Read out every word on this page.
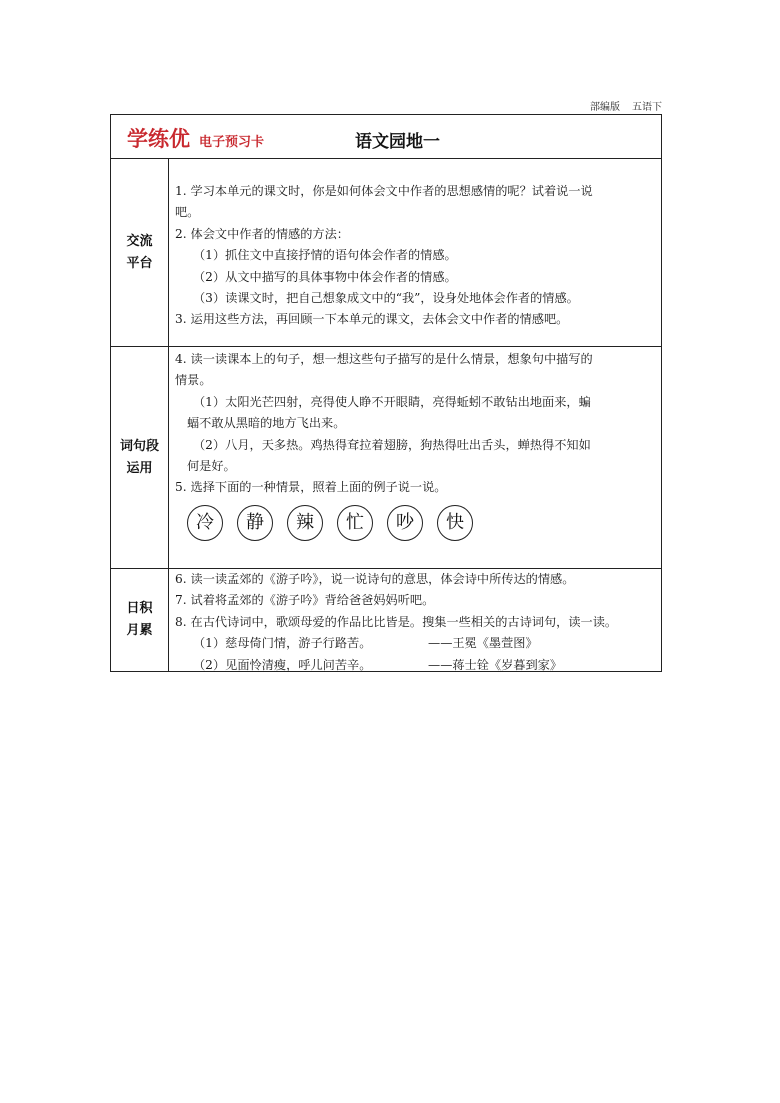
部编版 五语下
学练优 电子预习卡	语文园地一
交流
平台

1. 学习本单元的课文时，你是如何体会文中作者的思想感情的呢？试着说一说

吧。

2. 体会文中作者的情感的方法：

（1）抓住文中直接抒情的语句体会作者的情感。

（2）从文中描写的具体事物中体会作者的情感。

（3）读课文时，把自己想象成文中的“我”，设身处地体会作者的情感。

3. 运用这些方法，再回顾一下本单元的课文，去体会文中作者的情感吧。

词句段
运用

4. 读一读课本上的句子，想一想这些句子描写的是什么情景，想象句中描写的

情景。

（1）太阳光芒四射，亮得使人睁不开眼睛，亮得蚯蚓不敢钻出地面来，蝙

蝠不敢从黑暗的地方飞出来。

（2）八月，天多热。鸡热得耷拉着翅膀，狗热得吐出舌头，蝉热得不知如

何是好。

5. 选择下面的一种情景，照着上面的例子说一说。

冷	静	辣	忙	吵	快
日积
月累

6. 读一读孟郊的《游子吟》，说一说诗句的意思，体会诗中所传达的情感。

7. 试着将孟郊的《游子吟》背给爸爸妈妈听吧。

8. 在古代诗词中，歌颂母爱的作品比比皆是。搜集一些相关的古诗词句，读一读。

（1）慈母倚门情，游子行路苦。	——王冕《墨萱图》
（2）见面怜清瘦，呼儿问苦辛。	——蒋士铨《岁暮到家》
